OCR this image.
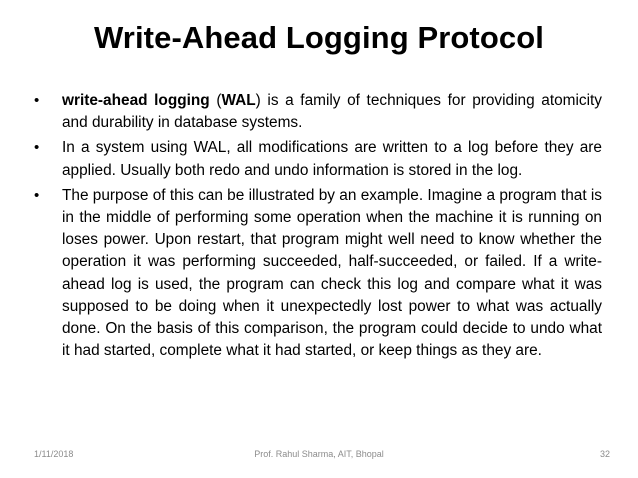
Write-Ahead Logging Protocol
• write-ahead logging (WAL) is a family of techniques for providing atomicity and durability in database systems.
• In a system using WAL, all modifications are written to a log before they are applied. Usually both redo and undo information is stored in the log.
• The purpose of this can be illustrated by an example. Imagine a program that is in the middle of performing some operation when the machine it is running on loses power. Upon restart, that program might well need to know whether the operation it was performing succeeded, half-succeeded, or failed. If a write-ahead log is used, the program can check this log and compare what it was supposed to be doing when it unexpectedly lost power to what was actually done. On the basis of this comparison, the program could decide to undo what it had started, complete what it had started, or keep things as they are.
1/11/2018	Prof. Rahul Sharma, AIT, Bhopal	32
